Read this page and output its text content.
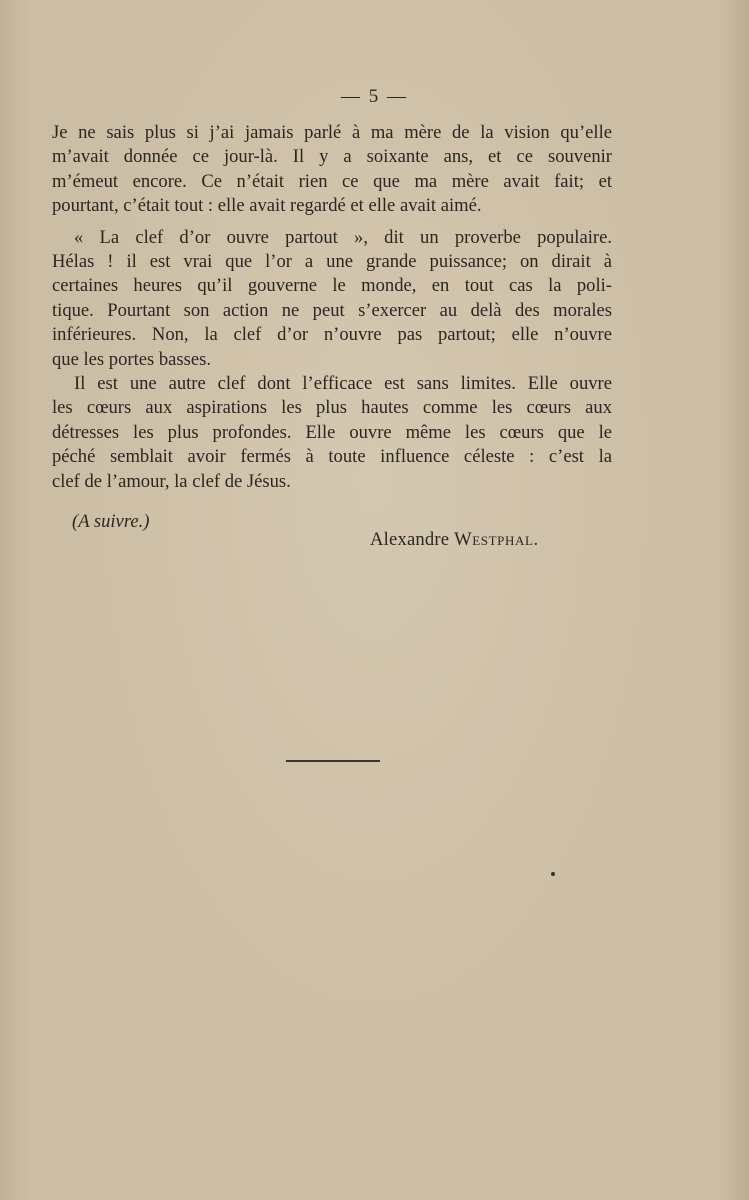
— 5 —

Je ne sais plus si j’ai jamais parlé à ma mère de la vision qu’elle
m’avait donnée ce jour-là. Il y a soixante ans, et ce souvenir
m’émeut encore. Ce n’était rien ce que ma mère avait fait; et
pourtant, c’était tout : elle avait regardé et elle avait aimé.

« La clef d’or ouvre partout », dit un proverbe populaire.
Hélas ! il est vrai que l’or a une grande puissance; on dirait à
certaines heures qu’il gouverne le monde, en tout cas la poli-
tique. Pourtant son action ne peut s’exercer au delà des morales
inférieures. Non, la clef d’or n’ouvre pas partout; elle n’ouvre
que les portes basses.

Il est une autre clef dont l’efficace est sans limites. Elle ouvre
les cœurs aux aspirations les plus hautes comme les cœurs aux
détresses les plus profondes. Elle ouvre même les cœurs que le
péché semblait avoir fermés à toute influence céleste : c’est la
clef de l’amour, la clef de Jésus.

(A suivre.)
Alexandre Westphal.
